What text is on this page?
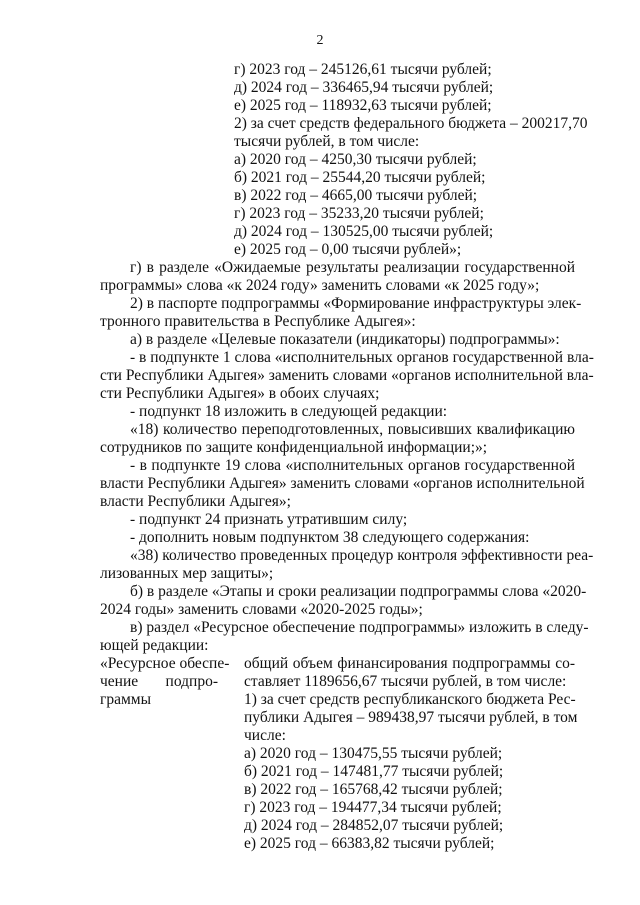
2
г) 2023 год – 245126,61 тысячи рублей;
д) 2024 год – 336465,94 тысячи рублей;
е) 2025 год – 118932,63 тысячи рублей;
2) за счет средств федерального бюджета – 200217,70
тысячи рублей, в том числе:
а) 2020 год – 4250,30 тысячи рублей;
б) 2021 год – 25544,20 тысячи рублей;
в) 2022 год – 4665,00 тысячи рублей;
г) 2023 год – 35233,20 тысячи рублей;
д) 2024 год – 130525,00 тысячи рублей;
е) 2025 год – 0,00 тысячи рублей»;
г) в разделе «Ожидаемые результаты реализации государственной
программы» слова «к 2024 году» заменить словами «к 2025 году»;
2) в паспорте подпрограммы «Формирование инфраструктуры элек-
тронного правительства в Республике Адыгея»:
а) в разделе «Целевые показатели (индикаторы) подпрограммы»:
- в подпункте 1 слова «исполнительных органов государственной вла-
сти Республики Адыгея» заменить словами «органов исполнительной вла-
сти Республики Адыгея» в обоих случаях;
- подпункт 18 изложить в следующей редакции:
«18) количество переподготовленных, повысивших квалификацию
сотрудников по защите конфиденциальной информации;»;
- в подпункте 19 слова «исполнительных органов государственной
власти Республики Адыгея» заменить словами «органов исполнительной
власти Республики Адыгея»;
- подпункт 24 признать утратившим силу;
- дополнить новым подпунктом 38 следующего содержания:
«38) количество проведенных процедур контроля эффективности реа-
лизованных мер защиты»;
б) в разделе «Этапы и сроки реализации подпрограммы слова «2020-
2024 годы» заменить словами «2020-2025 годы»;
в) раздел «Ресурсное обеспечение подпрограммы» изложить в следу-
ющей редакции:
«Ресурсное обеспе-
чение подпро-
граммы
общий объем финансирования подпрограммы со-
ставляет 1189656,67 тысячи рублей, в том числе:
1) за счет средств республиканского бюджета Рес-
публики Адыгея – 989438,97 тысячи рублей, в том
числе:
а) 2020 год – 130475,55 тысячи рублей;
б) 2021 год – 147481,77 тысячи рублей;
в) 2022 год – 165768,42 тысячи рублей;
г) 2023 год – 194477,34 тысячи рублей;
д) 2024 год – 284852,07 тысячи рублей;
е) 2025 год – 66383,82 тысячи рублей;
